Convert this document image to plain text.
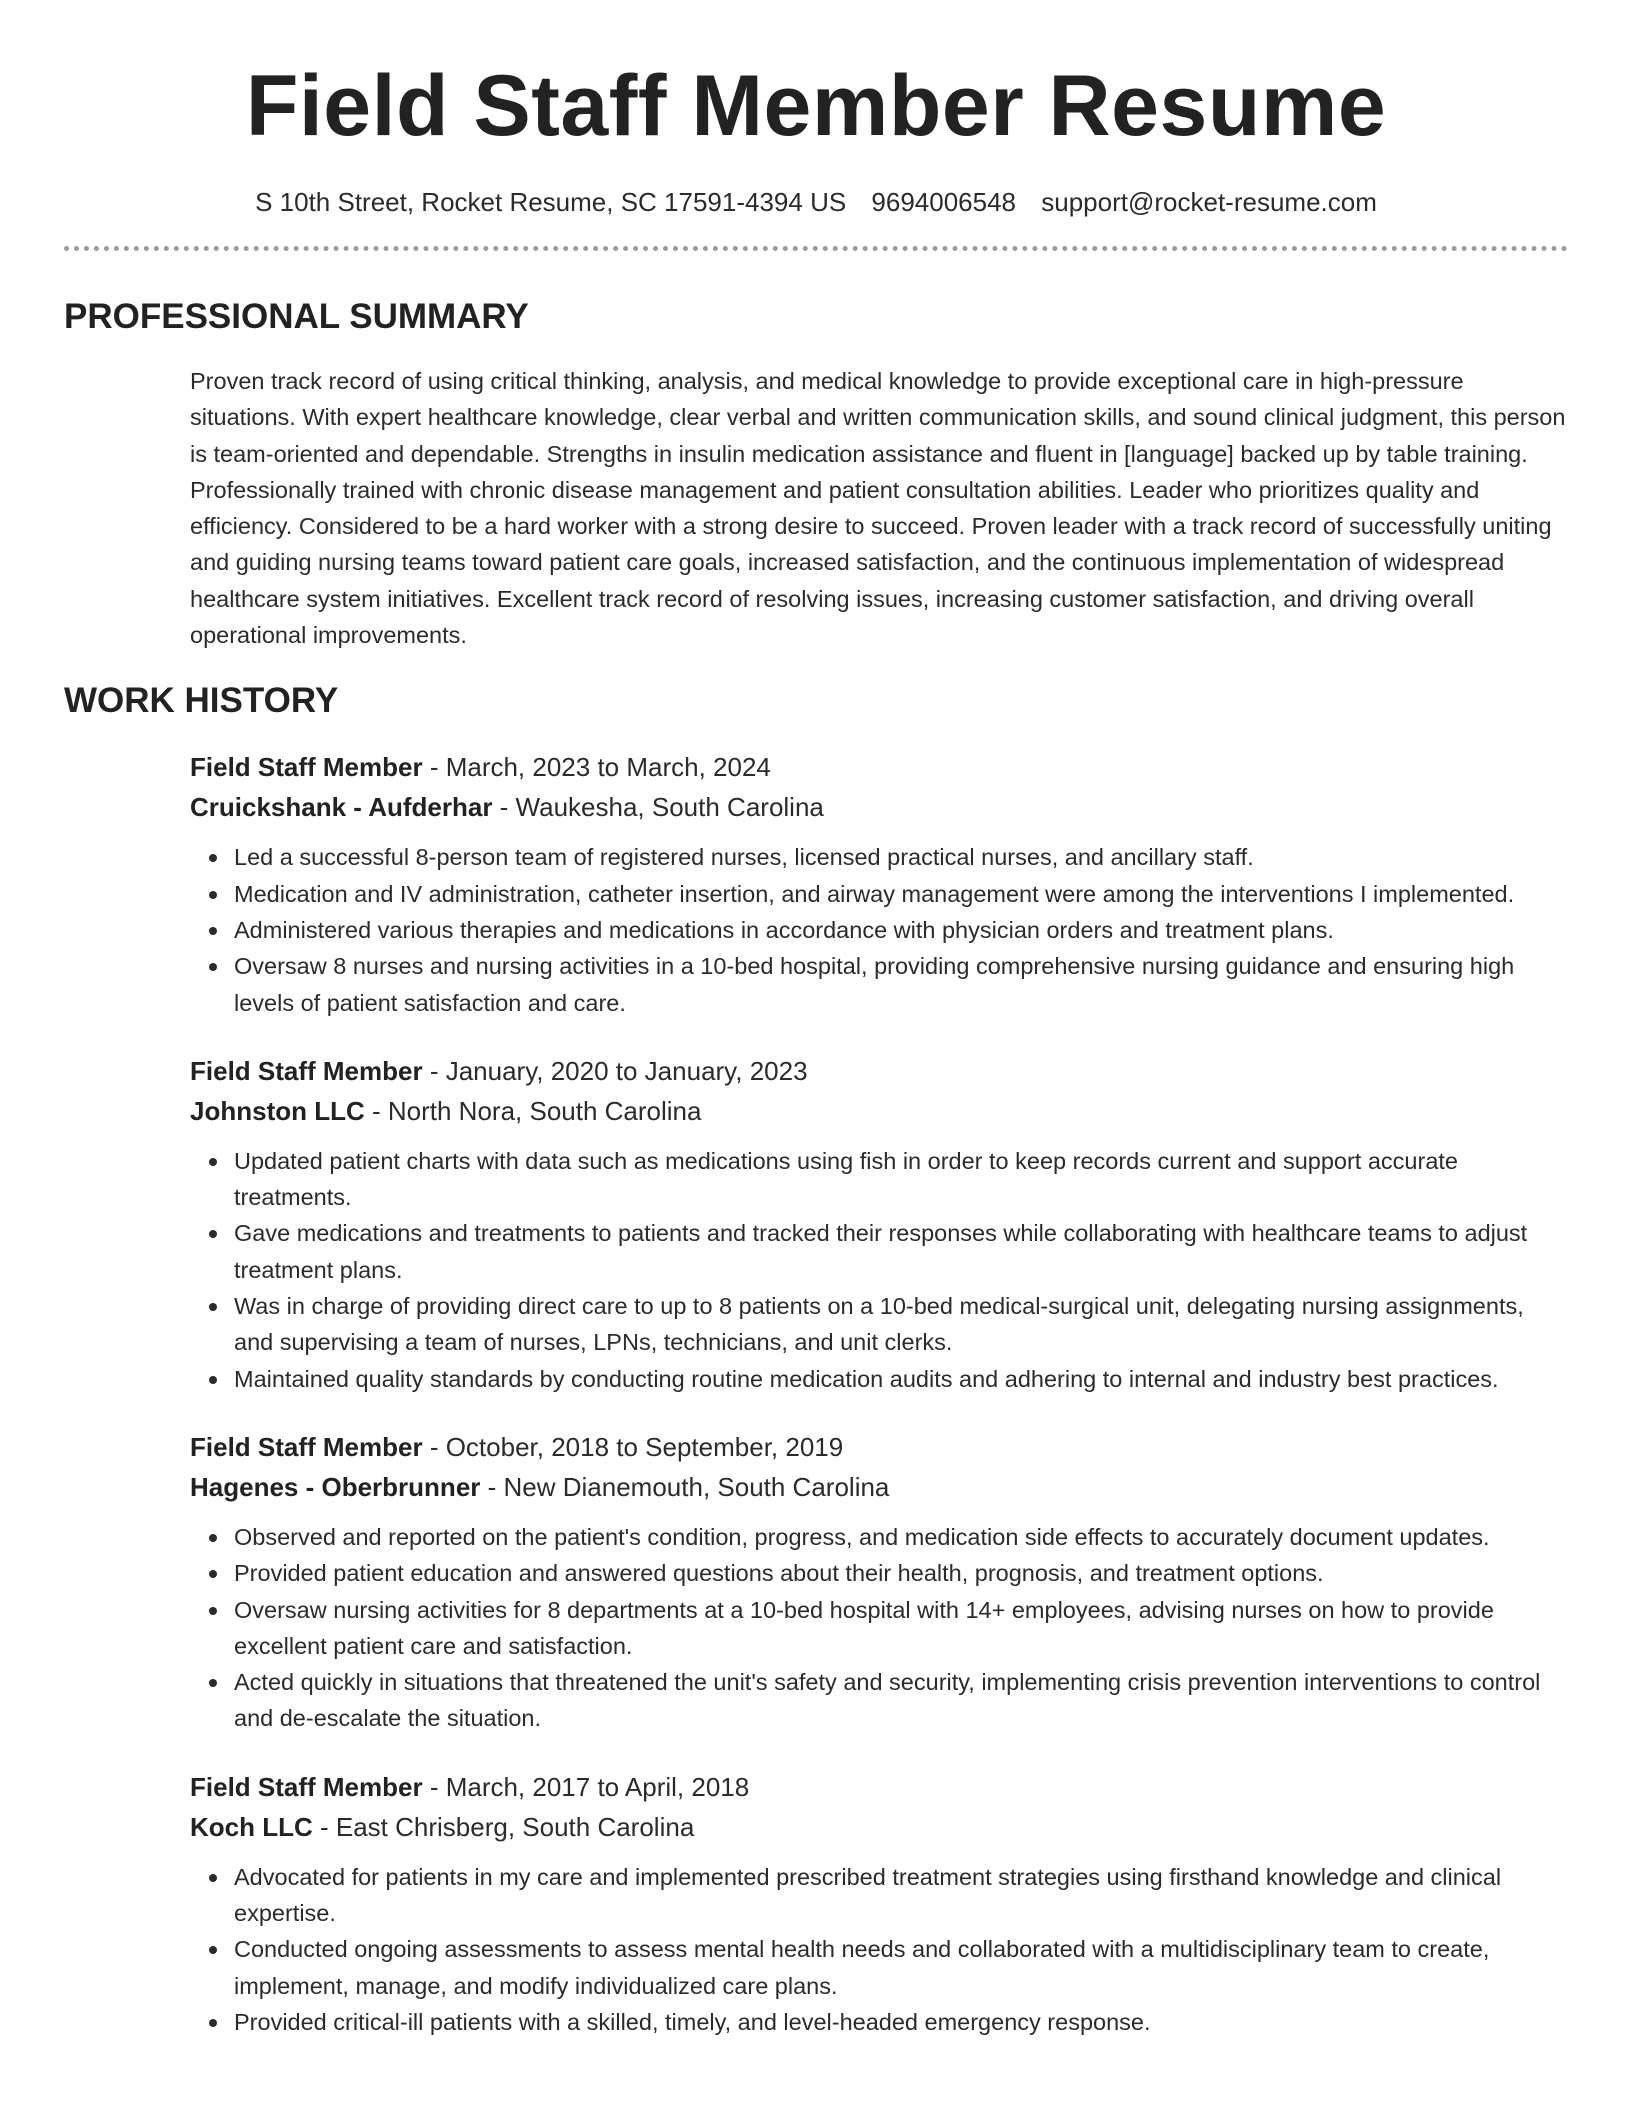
Field Staff Member Resume
S 10th Street, Rocket Resume, SC 17591-4394 US 9694006548 support@rocket-resume.com
PROFESSIONAL SUMMARY
Proven track record of using critical thinking, analysis, and medical knowledge to provide exceptional care in high-pressure situations. With expert healthcare knowledge, clear verbal and written communication skills, and sound clinical judgment, this person is team-oriented and dependable. Strengths in insulin medication assistance and fluent in [language] backed up by table training. Professionally trained with chronic disease management and patient consultation abilities. Leader who prioritizes quality and efficiency. Considered to be a hard worker with a strong desire to succeed. Proven leader with a track record of successfully uniting and guiding nursing teams toward patient care goals, increased satisfaction, and the continuous implementation of widespread healthcare system initiatives. Excellent track record of resolving issues, increasing customer satisfaction, and driving overall operational improvements.
WORK HISTORY
Field Staff Member - March, 2023 to March, 2024
Cruickshank - Aufderhar - Waukesha, South Carolina
Led a successful 8-person team of registered nurses, licensed practical nurses, and ancillary staff.
Medication and IV administration, catheter insertion, and airway management were among the interventions I implemented.
Administered various therapies and medications in accordance with physician orders and treatment plans.
Oversaw 8 nurses and nursing activities in a 10-bed hospital, providing comprehensive nursing guidance and ensuring high levels of patient satisfaction and care.
Field Staff Member - January, 2020 to January, 2023
Johnston LLC - North Nora, South Carolina
Updated patient charts with data such as medications using fish in order to keep records current and support accurate treatments.
Gave medications and treatments to patients and tracked their responses while collaborating with healthcare teams to adjust treatment plans.
Was in charge of providing direct care to up to 8 patients on a 10-bed medical-surgical unit, delegating nursing assignments, and supervising a team of nurses, LPNs, technicians, and unit clerks.
Maintained quality standards by conducting routine medication audits and adhering to internal and industry best practices.
Field Staff Member - October, 2018 to September, 2019
Hagenes - Oberbrunner - New Dianemouth, South Carolina
Observed and reported on the patient's condition, progress, and medication side effects to accurately document updates.
Provided patient education and answered questions about their health, prognosis, and treatment options.
Oversaw nursing activities for 8 departments at a 10-bed hospital with 14+ employees, advising nurses on how to provide excellent patient care and satisfaction.
Acted quickly in situations that threatened the unit's safety and security, implementing crisis prevention interventions to control and de-escalate the situation.
Field Staff Member - March, 2017 to April, 2018
Koch LLC - East Chrisberg, South Carolina
Advocated for patients in my care and implemented prescribed treatment strategies using firsthand knowledge and clinical expertise.
Conducted ongoing assessments to assess mental health needs and collaborated with a multidisciplinary team to create, implement, manage, and modify individualized care plans.
Provided critical-ill patients with a skilled, timely, and level-headed emergency response.
